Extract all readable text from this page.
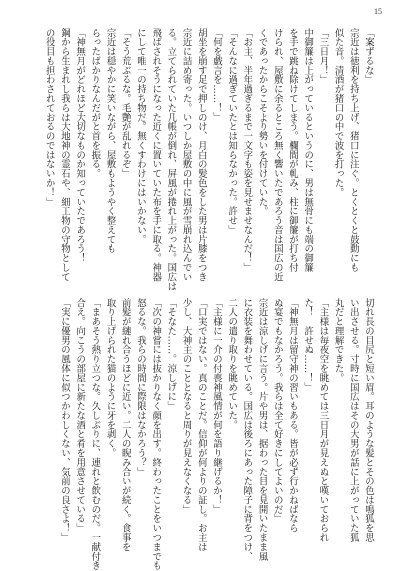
15
「案ずるな」
宗近は徳利を持ち上げ、猪口に注ぐ。とくとくと鼓動にも
似た音。清酒が猪口の中で波を打った。
「三日月！」
中御簾は上がっているというのに、男は無骨にも端の御簾
を手で跳ね除けてしまう。欄間が軋み、柱に御簾が打ち付
けられ、屋敷に余るところ無く響いたであろう音は国広の近
くであったからこそより勢いを付けていた。
「お主、半年過ぎるまで一文字も姿を見せませなんだ！」
「そんなに過ぎていたとは知らなかった。許せ」
「何を戯言を……！」
胡坐を崩す足で押しのけ、月白の髪色をした男は片膝をつき
宗近に詰め寄った。いつしか屋敷の中に風が雪崩れ込んでい
る。立てられていた几帳が倒れ、屏風が捲れ上がった。国広は
飛ばされそうになった近くに置いていた布を手に取る。神器
にして唯一の持ち物だ。無くすわけにはいかない。
「そう荒ぶるな。毛艶が乱れるぞ」
宗近は穏やかに笑いながら、屋敷もようやく整えても
らったばかりなんだがと首を振る。
「神無月がどれほど大切なものか知っていたであろう！
鋼から生まれし我らは大地神の霊石や、細工物の守物として
の役目も担わされておるのではないか！」
切れ長の目尻と短い眉。耳のような髪とその色は鳴狐を思
い出させる。寸時に国広はその大男が話に上がっていた狐
丸だと理解できた。
「主様は毎夜空を眺めては三日月が見えぬと嘆いておられ
た！　許せぬ……！」
「神無月は留守神の習いもある。皆が必ず行かねばなら
ぬ宴でもなかろう。我らは全て好きにしてよいのだ」
宗近は涼しげに言う。片や男は、据わった目を見開いたまま風
に衣装を舞わせている。国広は後ろにあった障子に背をつけ、
二人の遣り取りを眺めていた。
「主様に一介の付喪神風情が何を語り継げるか！」
「口実ではない。真のことだ。信仰が何よりの証し。お主は
少し、大神主のこととなると周りが見えなくなる」
「そなた……。涼しげに」
「次の神嘗には抜かりなく顔を出す。終わったことをいつまでも
怒るな。我らの時間に際限はなかろう？」
前髪が縺れ合うほどに近い。二人の睨み合いが続く。食事を
取り上げられた猫のように牙を剥く。
「まあそう熱り立つな。久しぶりに、連れと飲むのだ。一献付き
合え。向こうの部屋に新たな酒と肴を用意させている」
「実に優男の風体に似つかわしくない、気前の良さよ！」
